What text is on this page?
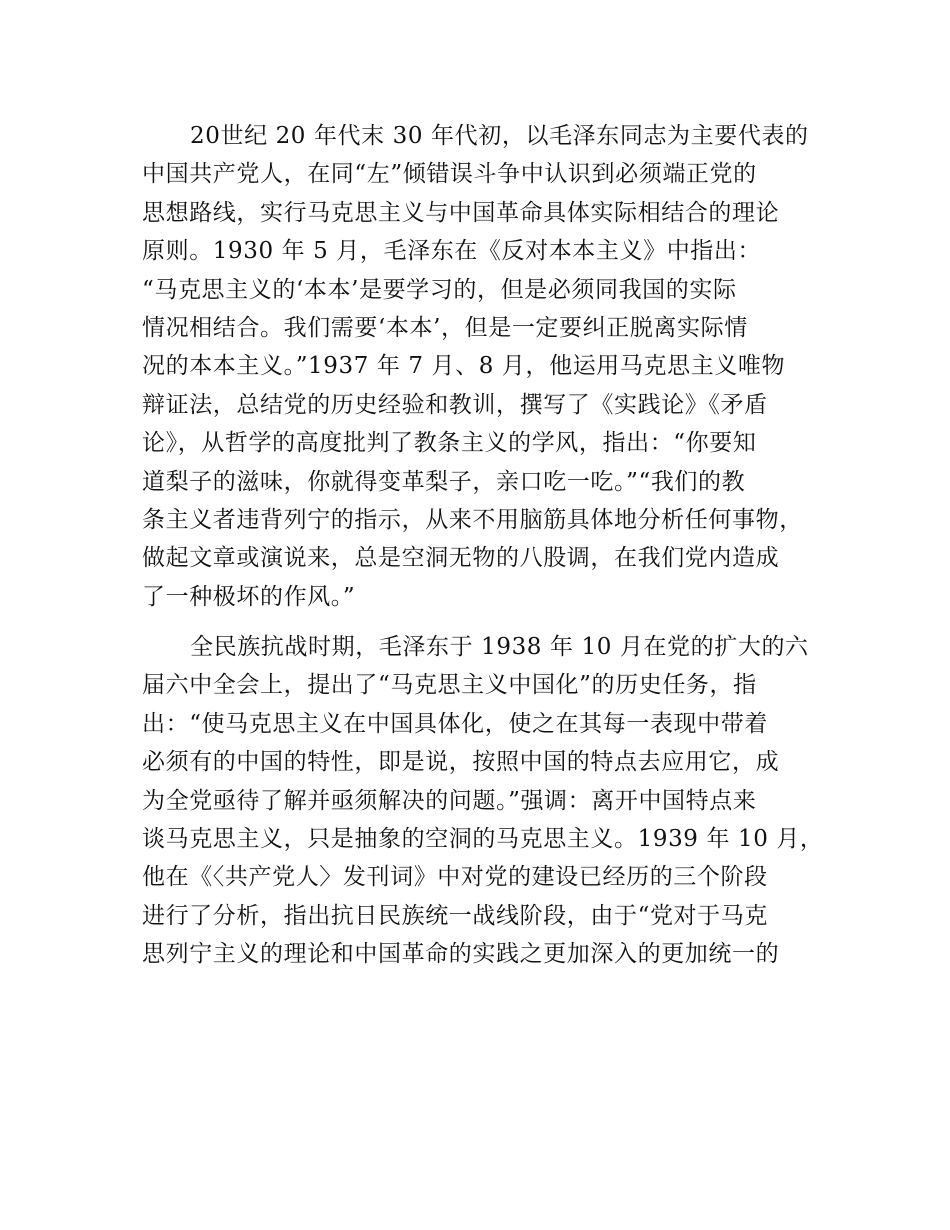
20世纪 20 年代末 30 年代初，以毛泽东同志为主要代表的
中国共产党人，在同“左”倾错误斗争中认识到必须端正党的
思想路线，实行马克思主义与中国革命具体实际相结合的理论
原则。1930 年 5 月，毛泽东在《反对本本主义》中指出：
“马克思主义的‘本本’是要学习的，但是必须同我国的实际
情况相结合。我们需要‘本本’，但是一定要纠正脱离实际情
况的本本主义。”1937 年 7 月、8 月，他运用马克思主义唯物
辩证法，总结党的历史经验和教训，撰写了《实践论》《矛盾
论》，从哲学的高度批判了教条主义的学风，指出：“你要知
道梨子的滋味，你就得变革梨子，亲口吃一吃。”“我们的教
条主义者违背列宁的指示，从来不用脑筋具体地分析任何事物，
做起文章或演说来，总是空洞无物的八股调，在我们党内造成
了一种极坏的作风。”
全民族抗战时期，毛泽东于 1938 年 10 月在党的扩大的六
届六中全会上，提出了“马克思主义中国化”的历史任务，指
出：“使马克思主义在中国具体化，使之在其每一表现中带着
必须有的中国的特性，即是说，按照中国的特点去应用它，成
为全党亟待了解并亟须解决的问题。”强调：离开中国特点来
谈马克思主义，只是抽象的空洞的马克思主义。1939 年 10 月，
他在《〈共产党人〉发刊词》中对党的建设已经历的三个阶段
进行了分析，指出抗日民族统一战线阶段，由于“党对于马克
思列宁主义的理论和中国革命的实践之更加深入的更加统一的
